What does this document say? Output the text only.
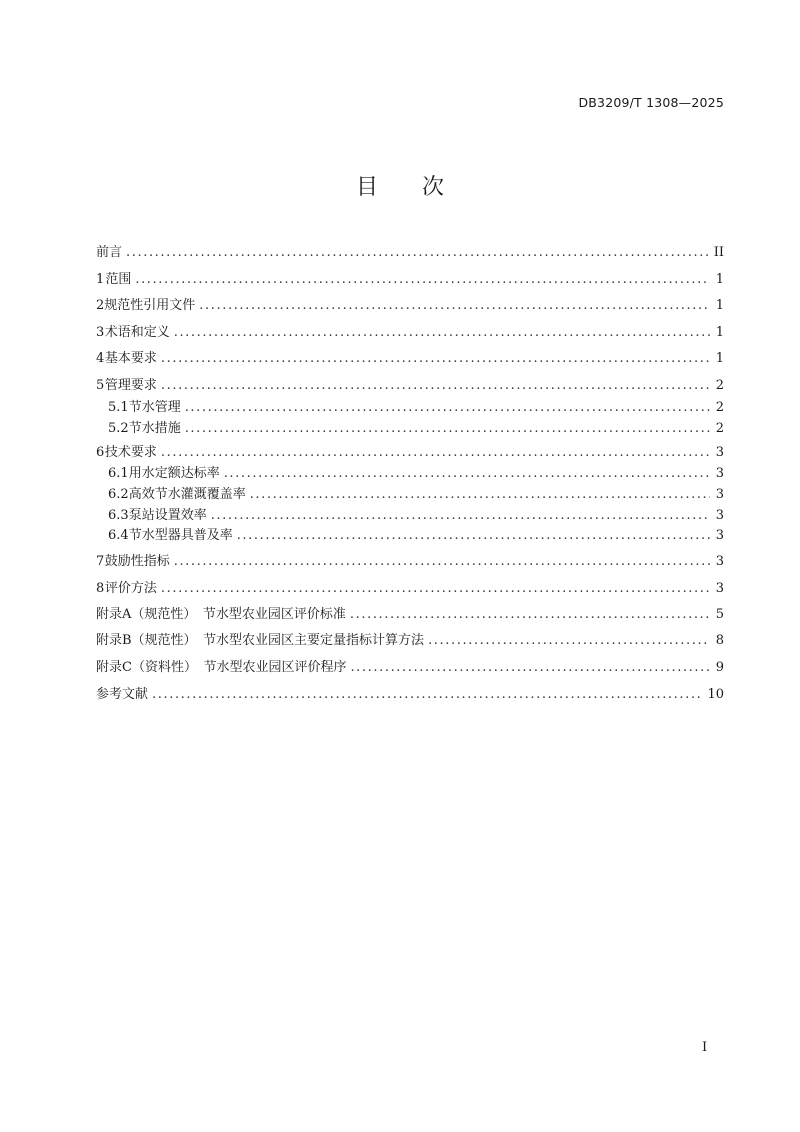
DB3209/T 1308—2025
目 次
前言 .....	II
1 范围 .....	1
2 规范性引用文件 .....	1
3 术语和定义 .....	1
4 基本要求 .....	1
5 管理要求 .....	2
5.1 节水管理 .....	2
5.2 节水措施 .....	2
6 技术要求 .....	3
6.1 用水定额达标率 .....	3
6.2 高效节水灌溉覆盖率 .....	3
6.3 泵站设置效率 .....	3
6.4 节水型器具普及率 .....	3
7 鼓励性指标 .....	3
8 评价方法 .....	3
附录A（规范性）　节水型农业园区评价标准 .....	5
附录B（规范性）　节水型农业园区主要定量指标计算方法 .....	8
附录C（资料性）　节水型农业园区评价程序 .....	9
参考文献 .....	10
I
